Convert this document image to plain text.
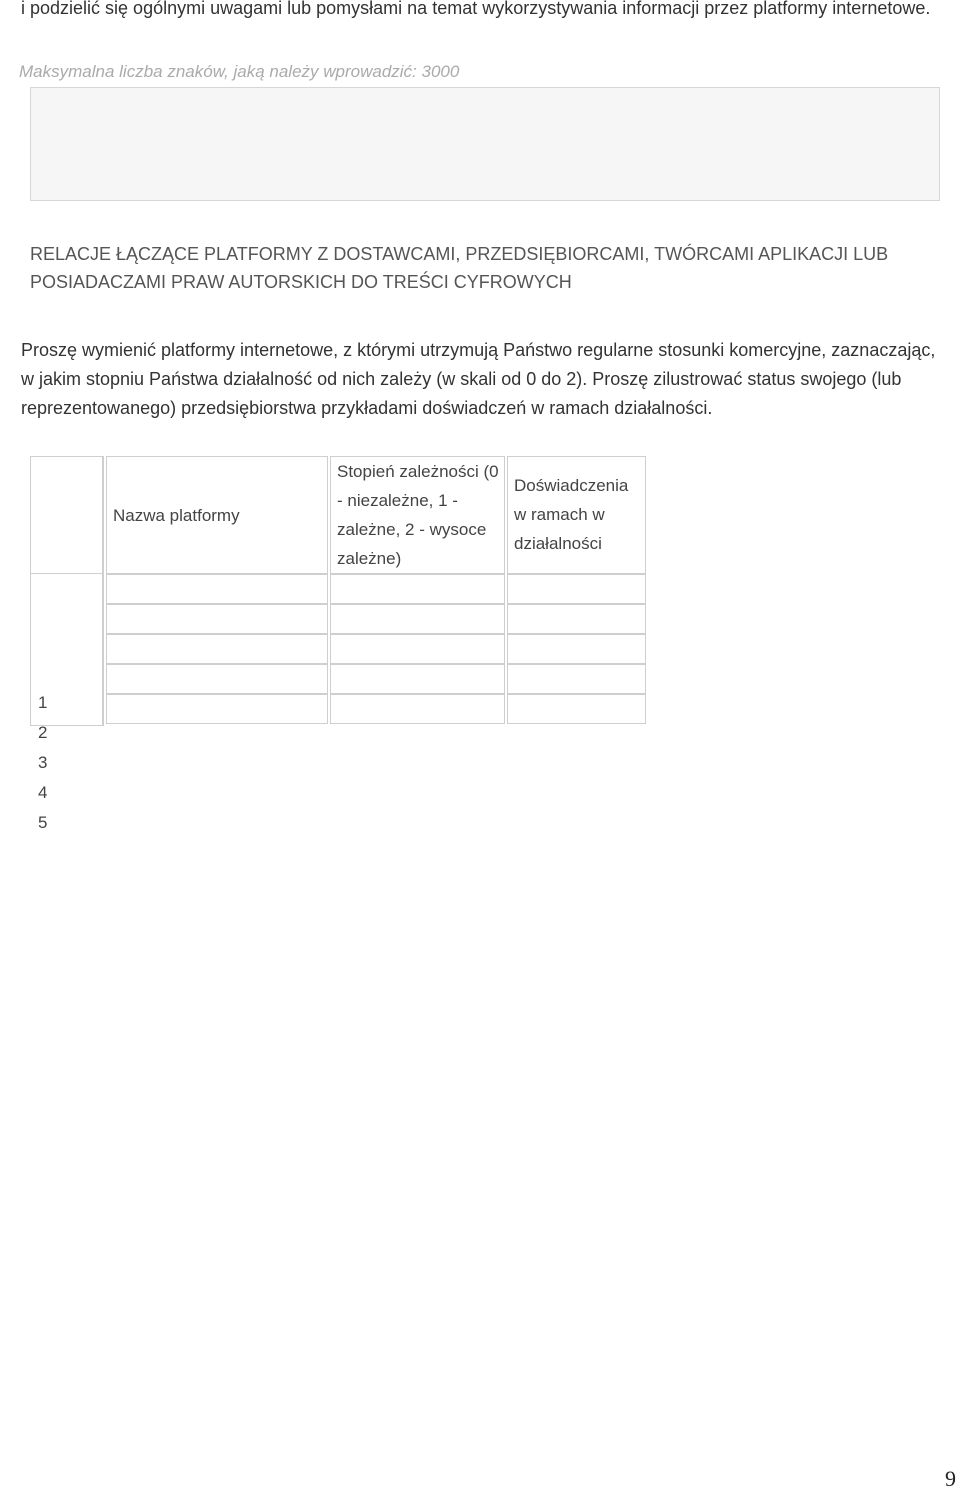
i podzielić się ogólnymi uwagami lub pomysłami na temat wykorzystywania informacji przez platformy internetowe.
Maksymalna liczba znaków, jaką należy wprowadzić: 3000
RELACJE ŁĄCZĄCE PLATFORMY Z DOSTAWCAMI, PRZEDSIĘBIORCAMI, TWÓRCAMI APLIKACJI LUB POSIADACZAMI PRAW AUTORSKICH DO TREŚCI CYFROWYCH
Proszę wymienić platformy internetowe, z którymi utrzymują Państwo regularne stosunki komercyjne, zaznaczając, w jakim stopniu Państwa działalność od nich zależy (w skali od 0 do 2). Proszę zilustrować status swojego (lub reprezentowanego) przedsiębiorstwa przykładami doświadczeń w ramach działalności.
Nazwa platformy
Stopień zależności (0 - niezależne, 1 - zależne, 2 - wysoce zależne)
Doświadczenia w ramach w działalności
1
2
3
4
5
9
